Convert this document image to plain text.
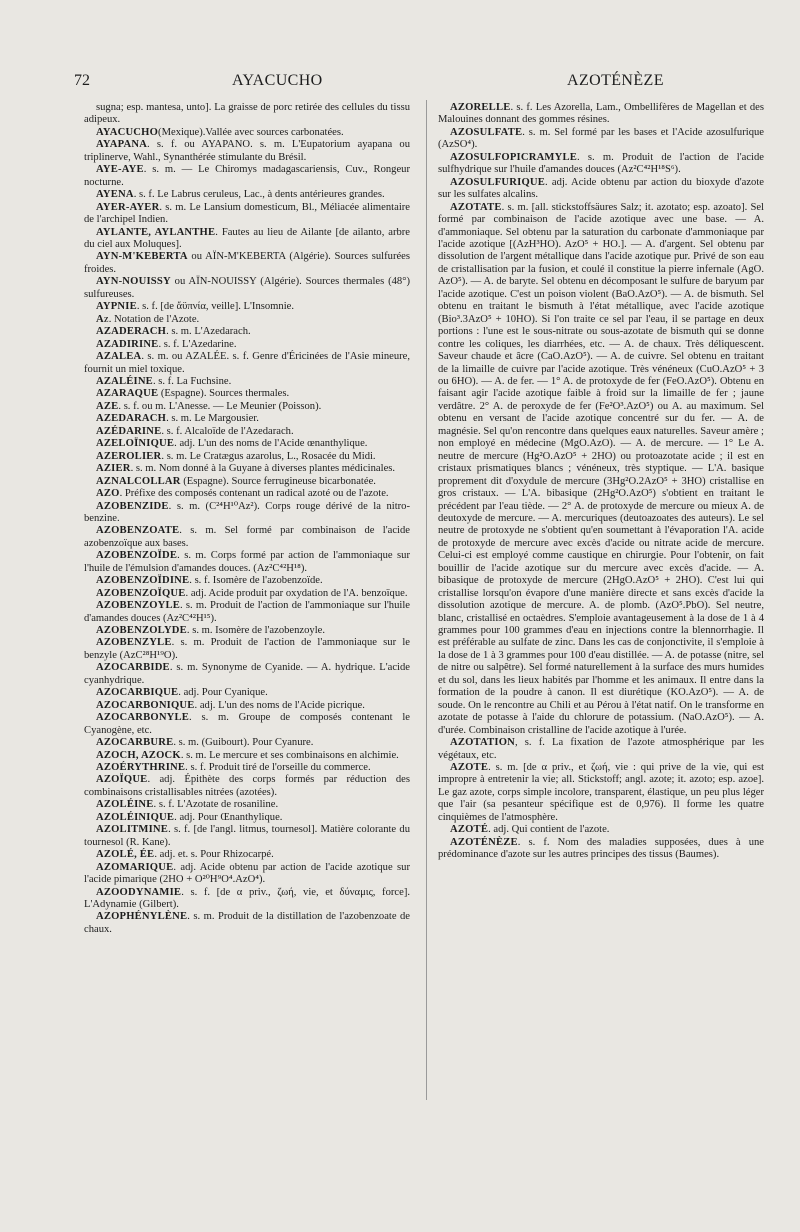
72	AYACUCHO	AZOTÉNÈZE

sugna; esp. mantesa, unto]. La graisse de porc retirée des cellules du tissu adipeux.

AYACUCHO(Mexique).Vallée avec sources carbonatées.

AYAPANA. s. f. ou AYAPANO. s. m. L'Eupatorium ayapana ou triplinerve, Wahl., Synanthérée stimulante du Brésil.

AYE-AYE. s. m. — Le Chiromys madagascariensis, Cuv., Rongeur nocturne.

AYENA. s. f. Le Labrus ceruleus, Lac., à dents antérieures grandes.

AYER-AYER. s. m. Le Lansium domesticum, Bl., Méliacée alimentaire de l'archipel Indien.

AYLANTE, AYLANTHE. Fautes au lieu de Ailante [de ailanto, arbre du ciel aux Moluques].

AYN-M'KEBERTA ou AÏN-M'KEBERTA (Algérie). Sources sulfurées froides.

AYN-NOUISSY ou AÏN-NOUISSY (Algérie). Sources thermales (48°) sulfureuses.

AYPNIE. s. f. [de ἄϋπνία, veille]. L'Insomnie.

Az. Notation de l'Azote.

AZADERACH. s. m. L'Azedarach.

AZADIRINE. s. f. L'Azedarine.

AZALEA. s. m. ou AZALÉE. s. f. Genre d'Éricinées de l'Asie mineure, fournit un miel toxique.

AZALÉINE. s. f. La Fuchsine.

AZARAQUE (Espagne). Sources thermales.

AZE. s. f. ou m. L'Anesse. — Le Meunier (Poisson).

AZEDARACH. s. m. Le Margousier.

AZÉDARINE. s. f. Alcaloïde de l'Azedarach.

AZELOÏNIQUE. adj. L'un des noms de l'Acide œnanthylique.

AZEROLIER. s. m. Le Cratægus azarolus, L., Rosacée du Midi.

AZIER. s. m. Nom donné à la Guyane à diverses plantes médicinales.

AZNALCOLLAR (Espagne). Source ferrugineuse bicarbonatée.

AZO. Préfixe des composés contenant un radical azoté ou de l'azote.

AZOBENZIDE. s. m. (C²⁴H¹⁰Az²). Corps rouge dérivé de la nitro-benzine.

AZOBENZOATE. s. m. Sel formé par combinaison de l'acide azobenzoïque aux bases.

AZOBENZOÏDE. s. m. Corps formé par action de l'ammoniaque sur l'huile de l'émulsion d'amandes douces. (Az²C⁴²H¹⁸).

AZOBENZOÏDINE. s. f. Isomère de l'azobenzoïde.

AZOBENZOÏQUE. adj. Acide produit par oxydation de l'A. benzoïque.

AZOBENZOYLE. s. m. Produit de l'action de l'ammoniaque sur l'huile d'amandes douces (Az²C⁴²H¹⁵).

AZOBENZOLYDE. s. m. Isomère de l'azobenzoyle.

AZOBENZYLE. s. m. Produit de l'action de l'ammoniaque sur le benzyle (AzC²⁸H¹⁹O).

AZOCARBIDE. s. m. Synonyme de Cyanide. — A. hydrique. L'acide cyanhydrique.

AZOCARBIQUE. adj. Pour Cyanique.

AZOCARBONIQUE. adj. L'un des noms de l'Acide picrique.

AZOCARBONYLE. s. m. Groupe de composés contenant le Cyanogène, etc.

AZOCARBURE. s. m. (Guibourt). Pour Cyanure.

AZOCH, AZOCK. s. m. Le mercure et ses combinaisons en alchimie.

AZOÉRYTHRINE. s. f. Produit tiré de l'orseille du commerce.

AZOÏQUE. adj. Épithète des corps formés par réduction des combinaisons cristallisables nitrées (azotées).

AZOLÉINE. s. f. L'Azotate de rosaniline.

AZOLÉINIQUE. adj. Pour Œnanthylique.

AZOLITMINE. s. f. [de l'angl. litmus, tournesol]. Matière colorante du tournesol (R. Kane).

AZOLÉ, ÉE. adj. et. s. Pour Rhizocarpé.

AZOMARIQUE. adj. Acide obtenu par action de l'acide azotique sur l'acide pimarique (2HO + O²⁰H⁹O⁴.AzO⁴).

AZOODYNAMIE. s. f. [de α priv., ζωή, vie, et δύναμις, force]. L'Adynamie (Gilbert).

AZOPHÉNYLÈNE. s. m. Produit de la distillation de l'azobenzoate de chaux.

AZORELLE. s. f. Les Azorella, Lam., Ombellifères de Magellan et des Malouines donnant des gommes résines.

AZOSULFATE. s. m. Sel formé par les bases et l'Acide azosulfurique (AzSO⁴).

AZOSULFOPICRAMYLE. s. m. Produit de l'action de l'acide sulfhydrique sur l'huile d'amandes douces (Az²C⁴²H¹⁸S⁶).

AZOSULFURIQUE. adj. Acide obtenu par action du bioxyde d'azote sur les sulfates alcalins.

AZOTATE. s. m. [all. stickstoffsäures Salz; it. azotato; esp. azoato]. Sel formé par combinaison de l'acide azotique avec une base. — A. d'ammoniaque. Sel obtenu par la saturation du carbonate d'ammoniaque par l'acide azotique [(AzH³HO). AzO⁵ + HO.]. — A. d'argent. Sel obtenu par dissolution de l'argent métallique dans l'acide azotique pur. Privé de son eau de cristallisation par la fusion, et coulé il constitue la pierre infernale (AgO. AzO⁵). — A. de baryte. Sel obtenu en décomposant le sulfure de baryum par l'acide azotique. C'est un poison violent (BaO.AzO⁵). — A. de bismuth. Sel obtenu en traitant le bismuth à l'état métallique, avec l'acide azotique (Bio³.3AzO⁵ + 10HO). Si l'on traite ce sel par l'eau, il se partage en deux portions : l'une est le sous-nitrate ou sous-azotate de bismuth qui se donne contre les coliques, les diarrhées, etc. — A. de chaux. Très déliquescent. Saveur chaude et âcre (CaO.AzO⁵). — A. de cuivre. Sel obtenu en traitant de la limaille de cuivre par l'acide azotique. Très vénéneux (CuO.AzO⁵ + 3 ou 6HO). — A. de fer. — 1° A. de protoxyde de fer (FeO.AzO⁵). Obtenu en faisant agir l'acide azotique faible à froid sur la limaille de fer ; jaune verdâtre. 2° A. de peroxyde de fer (Fe²O³.AzO⁵) ou A. au maximum. Sel obtenu en versant de l'acide azotique concentré sur du fer. — A. de magnésie. Sel qu'on rencontre dans quelques eaux naturelles. Saveur amère ; non employé en médecine (MgO.AzO). — A. de mercure. — 1° Le A. neutre de mercure (Hg²O.AzO⁵ + 2HO) ou protoazotate acide ; il est en cristaux prismatiques blancs ; vénéneux, très styptique. — L'A. basique proprement dit d'oxydule de mercure (3Hg²O.2AzO⁵ + 3HO) cristallise en gros cristaux. — L'A. bibasique (2Hg²O.AzO⁵) s'obtient en traitant le précédent par l'eau tiède. — 2° A. de protoxyde de mercure ou mieux A. de deutoxyde de mercure. — A. mercuriques (deutoazoates des auteurs). Le sel neutre de protoxyde ne s'obtient qu'en soumettant à l'évaporation l'A. acide de protoxyde de mercure avec excès d'acide ou nitrate acide de mercure. Celui-ci est employé comme caustique en chirurgie. Pour l'obtenir, on fait bouillir de l'acide azotique sur du mercure avec excès d'acide. — A. bibasique de protoxyde de mercure (2HgO.AzO⁵ + 2HO). C'est lui qui cristallise lorsqu'on évapore d'une manière directe et sans excès d'acide la dissolution azotique de mercure. A. de plomb. (AzO⁵.PbO). Sel neutre, blanc, cristallisé en octaèdres. S'emploie avantageusement à la dose de 1 à 4 grammes pour 100 grammes d'eau en injections contre la blennorrhagie. Il est préférable au sulfate de zinc. Dans les cas de conjonctivite, il s'emploie à la dose de 1 à 3 grammes pour 100 d'eau distillée. — A. de potasse (nitre, sel de nitre ou salpêtre). Sel formé naturellement à la surface des murs humides et du sol, dans les lieux habités par l'homme et les animaux. Il entre dans la formation de la poudre à canon. Il est diurétique (KO.AzO⁵). — A. de soude. On le rencontre au Chili et au Pérou à l'état natif. On le transforme en azotate de potasse à l'aide du chlorure de potassium. (NaO.AzO⁵). — A. d'urée. Combinaison cristalline de l'acide azotique à l'urée.

AZOTATION, s. f. La fixation de l'azote atmosphérique par les végétaux, etc.

AZOTE. s. m. [de α priv., et ζωή, vie : qui prive de la vie, qui est impropre à entretenir la vie; all. Stickstoff; angl. azote; it. azoto; esp. azoe]. Le gaz azote, corps simple incolore, transparent, élastique, un peu plus léger que l'air (sa pesanteur spécifique est de 0,976). Il forme les quatre cinquièmes de l'atmosphère.

AZOTÉ. adj. Qui contient de l'azote.

AZOTÉNÈZE. s. f. Nom des maladies supposées, dues à une prédominance d'azote sur les autres principes des tissus (Baumes).
